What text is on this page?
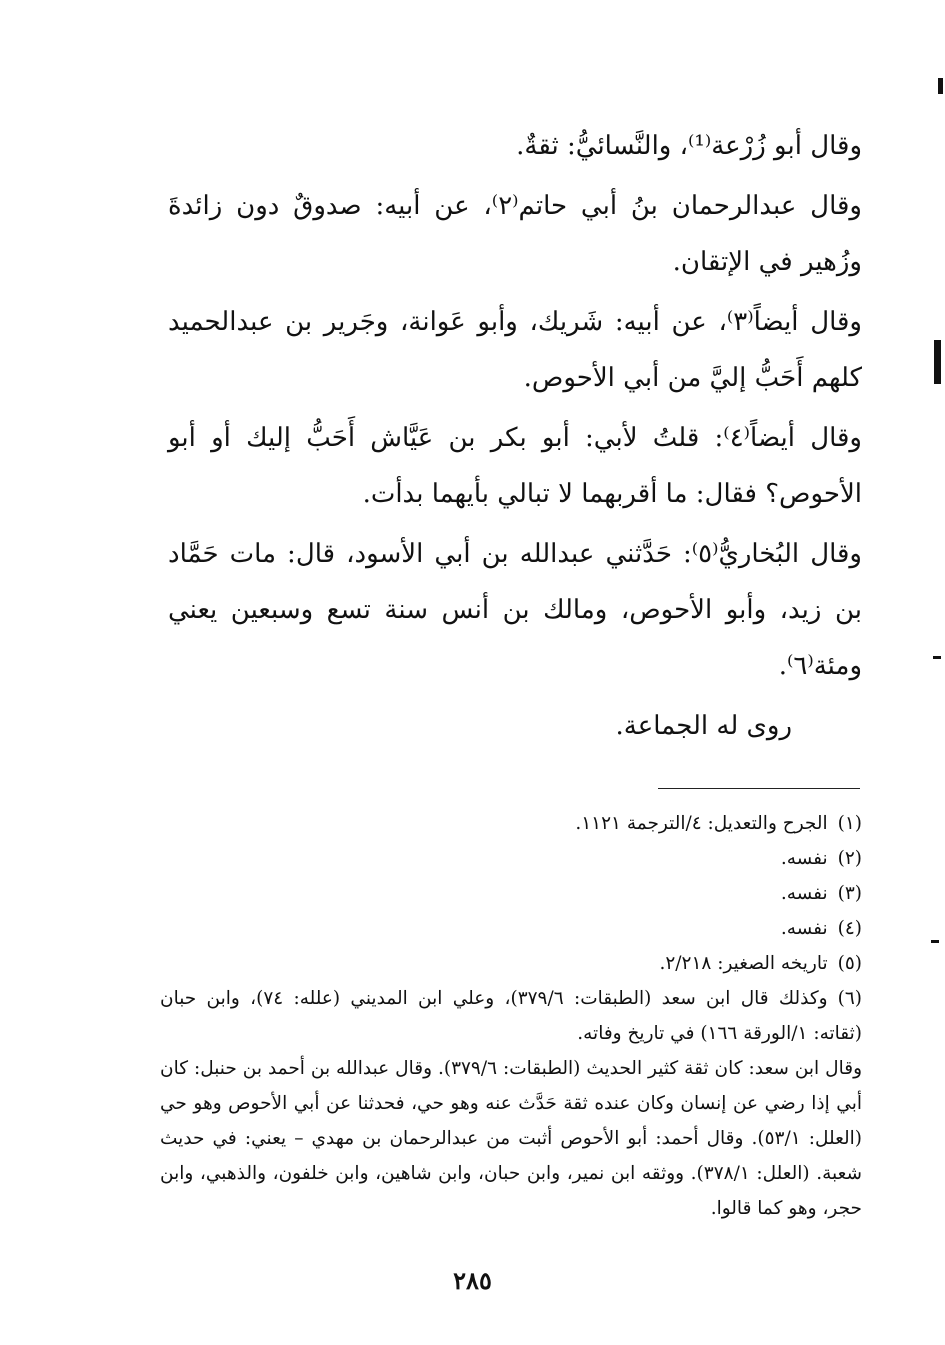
وقال أبو زُرْعة⁽¹⁾، والنَّسائيُّ: ثقةٌ.

وقال عبدالرحمان بنُ أبي حاتم⁽٢⁾، عن أبيه: صدوقٌ دون زائدةَ وزُهير في الإتقان.

وقال أيضاً⁽٣⁾، عن أبيه: شَريك، وأبو عَوانة، وجَرير بن عبدالحميد كلهم أَحَبُّ إليَّ من أبي الأحوص.

وقال أيضاً⁽٤⁾: قلتُ لأبي: أبو بكر بن عَيَّاش أَحَبُّ إليك أو أبو الأحوص؟ فقال: ما أقربهما لا تبالي بأيهما بدأت.

وقال البُخاريُّ⁽٥⁾: حَدَّثني عبدالله بن أبي الأسود، قال: مات حَمَّاد بن زيد، وأبو الأحوص، ومالك بن أنس سنة تسع وسبعين يعني ومئة⁽٦⁾.

روى له الجماعة.

(١)الجرح والتعديل: ٤/الترجمة ١١٢١.

(٢)نفسه.

(٣)نفسه.

(٤)نفسه.

(٥)تاريخه الصغير: ٢/٢١٨.

(٦)وكذلك قال ابن سعد (الطبقات: ٣٧٩/٦)، وعلي ابن المديني (علله: ٧٤)، وابن حبان (ثقاته: ١/الورقة ١٦٦) في تاريخ وفاته.

وقال ابن سعد: كان ثقة كثير الحديث (الطبقات: ٣٧٩/٦). وقال عبدالله بن أحمد بن حنبل: كان أبي إذا رضي عن إنسان وكان عنده ثقة حَدَّث عنه وهو حي، فحدثنا عن أبي الأحوص وهو حي (العلل: ٥٣/١). وقال أحمد: أبو الأحوص أثبت من عبدالرحمان بن مهدي – يعني: في حديث شعبة. (العلل: ٣٧٨/١). ووثقه ابن نمير، وابن حبان، وابن شاهين، وابن خلفون، والذهبي، وابن حجر، وهو كما قالوا.

٢٨٥
